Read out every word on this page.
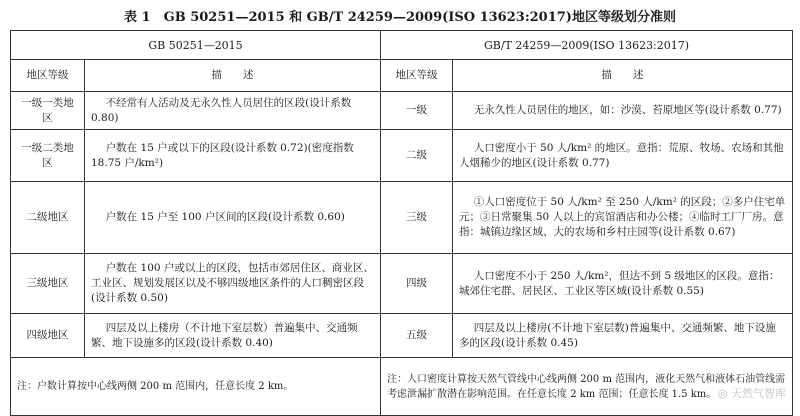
表 1　GB 50251—2015 和 GB/T 24259—2009(ISO 13623:2017)地区等级划分准则
GB 50251—2015		GB/T 24259—2009(ISO 13623:2017)	
地区等级	描　　述	地区等级	描　　述
一级一类地区	不经常有人活动及无永久性人员居住的区段(设计系数 0.80)	一级	无永久性人员居住的地区，如：沙漠、苔原地区等(设计系数 0.77)
一级二类地区	户数在 15 户或以下的区段(设计系数 0.72)(密度指数 18.75 户/km²)	二级	人口密度小于 50 人/km² 的地区。意指：荒原、牧场、农场和其他人烟稀少的地区(设计系数 0.77)
二级地区	户数在 15 户至 100 户区间的区段(设计系数 0.60)	三级	①人口密度位于 50 人/km² 至 250 人/km² 的区段；②多户住宅单元；③日常聚集 50 人以上的宾馆酒店和办公楼；④临时工厂厂房。意指：城镇边缘区域、大的农场和乡村庄园等(设计系数 0.67)
三级地区	户数在 100 户或以上的区段，包括市郊居住区、商业区、工业区、规划发展区以及不够四级地区条件的人口稠密区段(设计系数 0.50)	四级	人口密度不小于 250 人/km²，但达不到 5 级地区的区段。意指：城郊住宅群、居民区、工业区等区域(设计系数 0.55)
四级地区	四层及以上楼房（不计地下室层数）普遍集中、交通频繁、地下设施多的区段(设计系数 0.40)	五级	四层及以上楼房(不计地下室层数)普遍集中、交通频繁、地下设施多的区段(设计系数 0.45)
注：户数计算按中心线两侧 200 m 范围内，任意长度 2 km。		注：人口密度计算按天然气管线中心线两侧 200 m 范围内，液化天然气和液体石油管线需考虑泄漏扩散潜在影响范围。在任意长度 2 km 范围；任意长度 1.5 km。	◎ 天然气智库
